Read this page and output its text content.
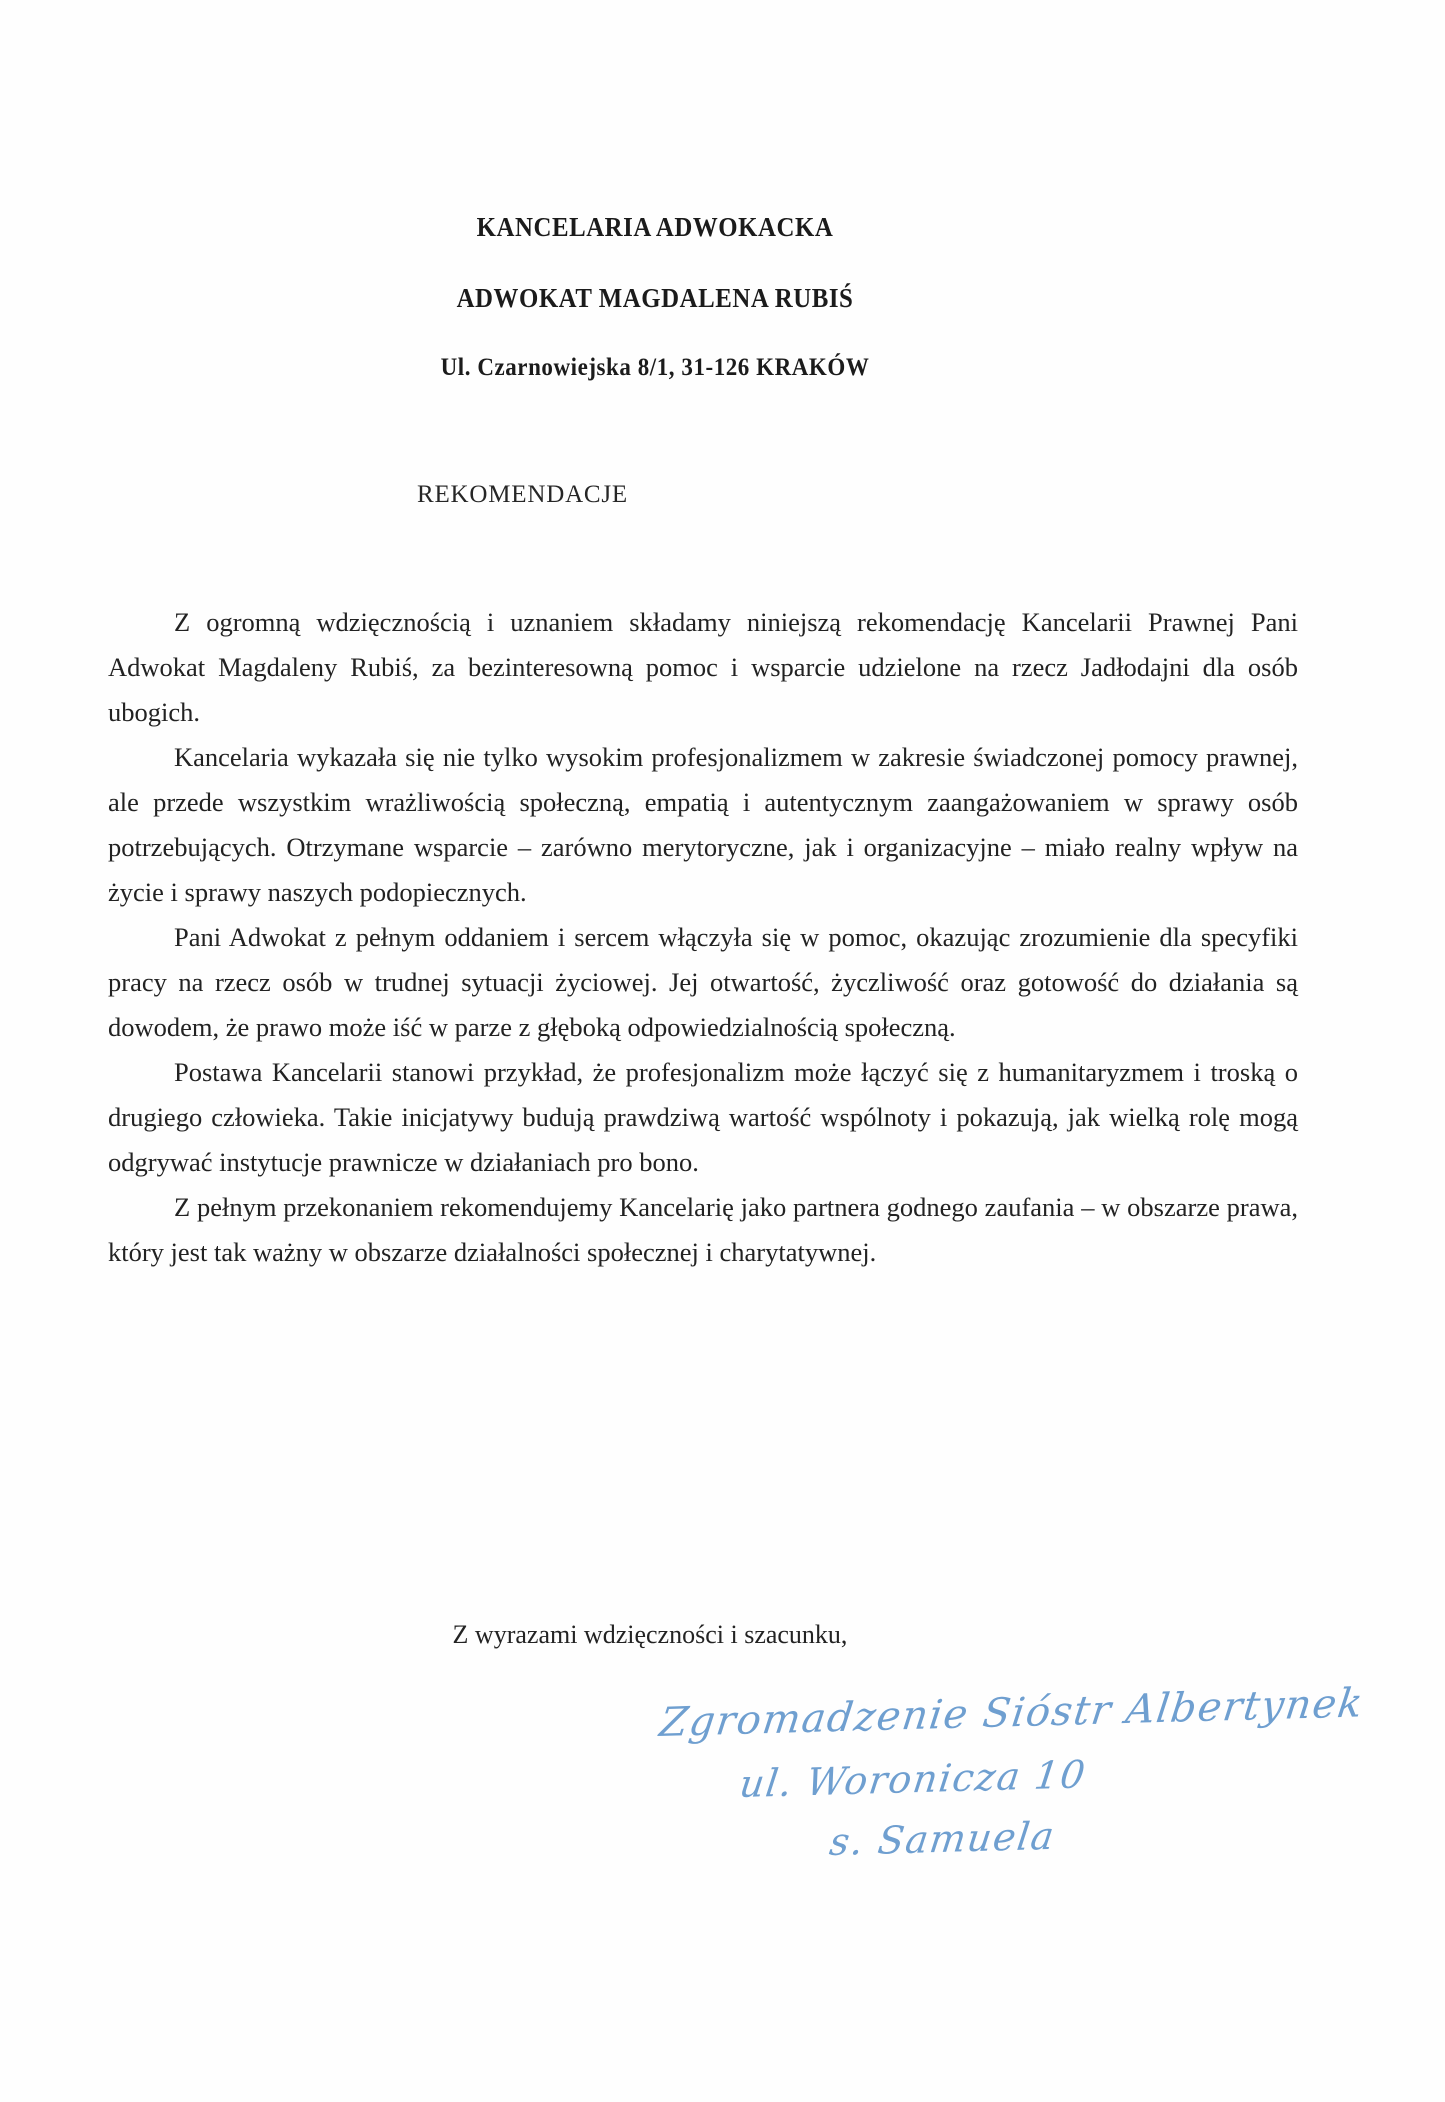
KANCELARIA ADWOKACKA
ADWOKAT MAGDALENA RUBIŚ
Ul. Czarnowiejska 8/1, 31-126 KRAKÓW
REKOMENDACJE

Z ogromną wdzięcznością i uznaniem składamy niniejszą rekomendację Kancelarii Prawnej Pani Adwokat Magdaleny Rubiś, za bezinteresowną pomoc i wsparcie udzielone na rzecz Jadłodajni dla osób ubogich.

Kancelaria wykazała się nie tylko wysokim profesjonalizmem w zakresie świadczonej pomocy prawnej, ale przede wszystkim wrażliwością społeczną, empatią i autentycznym zaangażowaniem w sprawy osób potrzebujących. Otrzymane wsparcie – zarówno merytoryczne, jak i organizacyjne – miało realny wpływ na życie i sprawy naszych podopiecznych.

Pani Adwokat z pełnym oddaniem i sercem włączyła się w pomoc, okazując zrozumienie dla specyfiki pracy na rzecz osób w trudnej sytuacji życiowej. Jej otwartość, życzliwość oraz gotowość do działania są dowodem, że prawo może iść w parze z głęboką odpowiedzialnością społeczną.

Postawa Kancelarii stanowi przykład, że profesjonalizm może łączyć się z humanitaryzmem i troską o drugiego człowieka. Takie inicjatywy budują prawdziwą wartość wspólnoty i pokazują, jak wielką rolę mogą odgrywać instytucje prawnicze w działaniach pro bono.

Z pełnym przekonaniem rekomendujemy Kancelarię jako partnera godnego zaufania – w obszarze prawa, który jest tak ważny w obszarze działalności społecznej i charytatywnej.

Z wyrazami wdzięczności i szacunku,
Zgromadzenie Sióstr Albertynek
ul. Woronicza 10
s. Samuela
